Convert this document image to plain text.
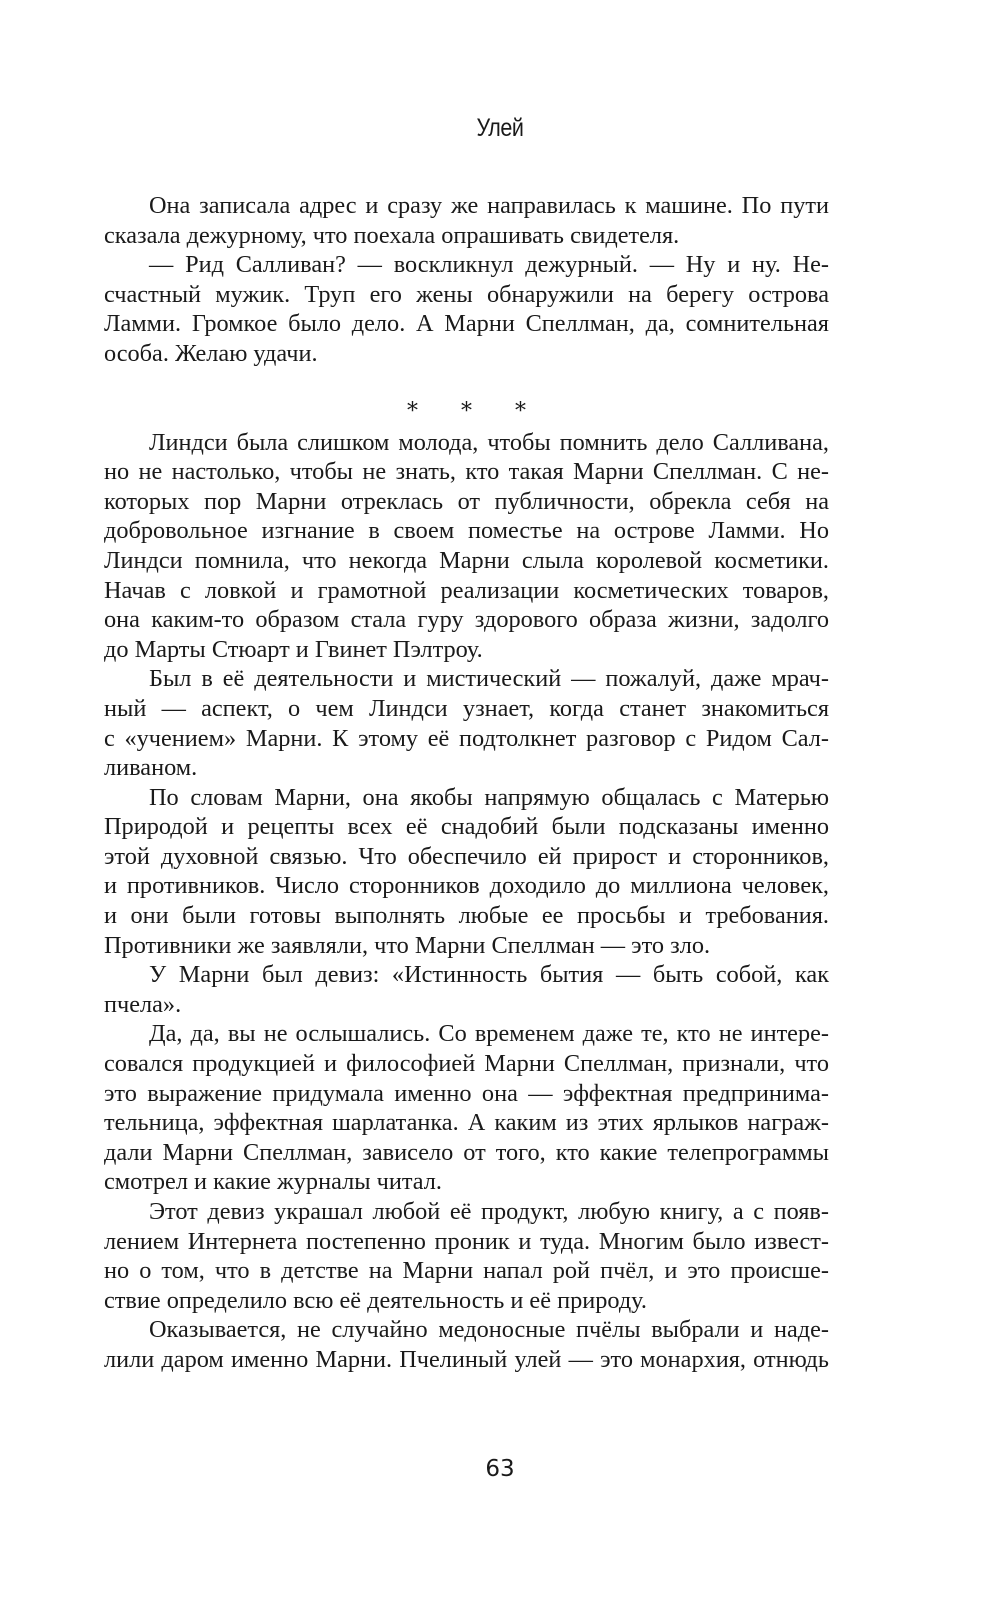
Улей
Она записала адрес и сразу же направилась к машине. По пути
сказала дежурному, что поехала опрашивать свидетеля.
— Рид Салливан? — воскликнул дежурный. — Ну и ну. Не-
счастный мужик. Труп его жены обнаружили на берегу острова
Ламми. Громкое было дело. А Марни Спеллман, да, сомнительная
особа. Желаю удачи.
* * *
Линдси была слишком молода, чтобы помнить дело Салливана,
но не настолько, чтобы не знать, кто такая Марни Спеллман. С не-
которых пор Марни отреклась от публичности, обрекла себя на
добровольное изгнание в своем поместье на острове Ламми. Но
Линдси помнила, что некогда Марни слыла королевой косметики.
Начав с ловкой и грамотной реализации косметических товаров,
она каким-то образом стала гуру здорового образа жизни, задолго
до Марты Стюарт и Гвинет Пэлтроу.
Был в её деятельности и мистический — пожалуй, даже мрач-
ный — аспект, о чем Линдси узнает, когда станет знакомиться
с «учением» Марни. К этому её подтолкнет разговор с Ридом Сал-
ливаном.
По словам Марни, она якобы напрямую общалась с Матерью
Природой и рецепты всех её снадобий были подсказаны именно
этой духовной связью. Что обеспечило ей прирост и сторонников,
и противников. Число сторонников доходило до миллиона человек,
и они были готовы выполнять любые ее просьбы и требования.
Противники же заявляли, что Марни Спеллман — это зло.
У Марни был девиз: «Истинность бытия — быть собой, как
пчела».
Да, да, вы не ослышались. Со временем даже те, кто не интере-
совался продукцией и философией Марни Спеллман, признали, что
это выражение придумала именно она — эффектная предпринима-
тельница, эффектная шарлатанка. А каким из этих ярлыков нагpаж-
дали Марни Спеллман, зависело от того, кто какие телепрограммы
смотрел и какие журналы читал.
Этот девиз украшал любой её продукт, любую книгу, а с появ-
лением Интернета постепенно проник и туда. Многим было извест-
но о том, что в детстве на Марни напал рой пчёл, и это происше-
ствие определило всю её деятельность и её природу.
Оказывается, не случайно медоносные пчёлы выбрали и наде-
лили даром именно Марни. Пчелиный улей — это монархия, отнюдь
63
